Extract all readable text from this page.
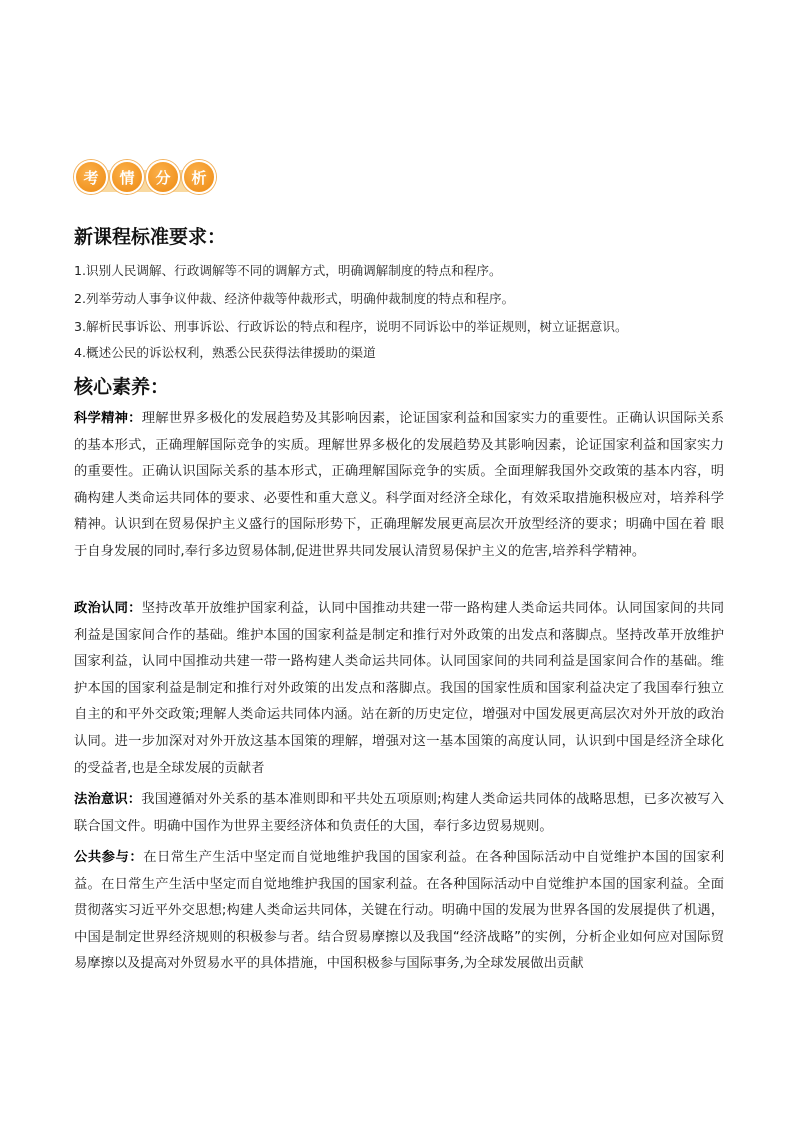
考	情	分	析
新课程标准要求：
1.识别人民调解、行政调解等不同的调解方式，明确调解制度的特点和程序。
2.列举劳动人事争议仲裁、经济仲裁等仲裁形式，明确仲裁制度的特点和程序。
3.解析民事诉讼、刑事诉讼、行政诉讼的特点和程序，说明不同诉讼中的举证规则，树立证据意识。
4.概述公民的诉讼权利，熟悉公民获得法律援助的渠道
核心素养：
科学精神：理解世界多极化的发展趋势及其影响因素，论证国家利益和国家实力的重要性。正确认识国际关系的基本形式，正确理解国际竞争的实质。理解世界多极化的发展趋势及其影响因素，论证国家利益和国家实力的重要性。正确认识国际关系的基本形式，正确理解国际竞争的实质。全面理解我国外交政策的基本内容，明确构建人类命运共同体的要求、必要性和重大意义。科学面对经济全球化，有效采取措施积极应对，培养科学精神。认识到在贸易保护主义盛行的国际形势下，正确理解发展更高层次开放型经济的要求；明确中国在着 眼于自身发展的同时,奉行多边贸易体制,促进世界共同发展认清贸易保护主义的危害,培养科学精神。
政治认同：坚持改革开放维护国家利益，认同中国推动共建一带一路构建人类命运共同体。认同国家间的共同利益是国家间合作的基础。维护本国的国家利益是制定和推行对外政策的出发点和落脚点。坚持改革开放维护国家利益，认同中国推动共建一带一路构建人类命运共同体。认同国家间的共同利益是国家间合作的基础。维护本国的国家利益是制定和推行对外政策的出发点和落脚点。我国的国家性质和国家利益决定了我国奉行独立自主的和平外交政策;理解人类命运共同体内涵。站在新的历史定位，增强对中国发展更高层次对外开放的政治认同。进一步加深对对外开放这基本国策的理解，增强对这一基本国策的高度认同，认识到中国是经济全球化的受益者,也是全球发展的贡献者
法治意识：我国遵循对外关系的基本准则即和平共处五项原则;构建人类命运共同体的战略思想，已多次被写入联合国文件。明确中国作为世界主要经济体和负责任的大国，奉行多边贸易规则。
公共参与：在日常生产生活中坚定而自觉地维护我国的国家利益。在各种国际活动中自觉维护本国的国家利益。在日常生产生活中坚定而自觉地维护我国的国家利益。在各种国际活动中自觉维护本国的国家利益。全面贯彻落实习近平外交思想;构建人类命运共同体，关键在行动。明确中国的发展为世界各国的发展提供了机遇，中国是制定世界经济规则的积极参与者。结合贸易摩擦以及我国“经济战略”的实例，分析企业如何应对国际贸易摩擦以及提高对外贸易水平的具体措施，中国积极参与国际事务,为全球发展做出贡献
